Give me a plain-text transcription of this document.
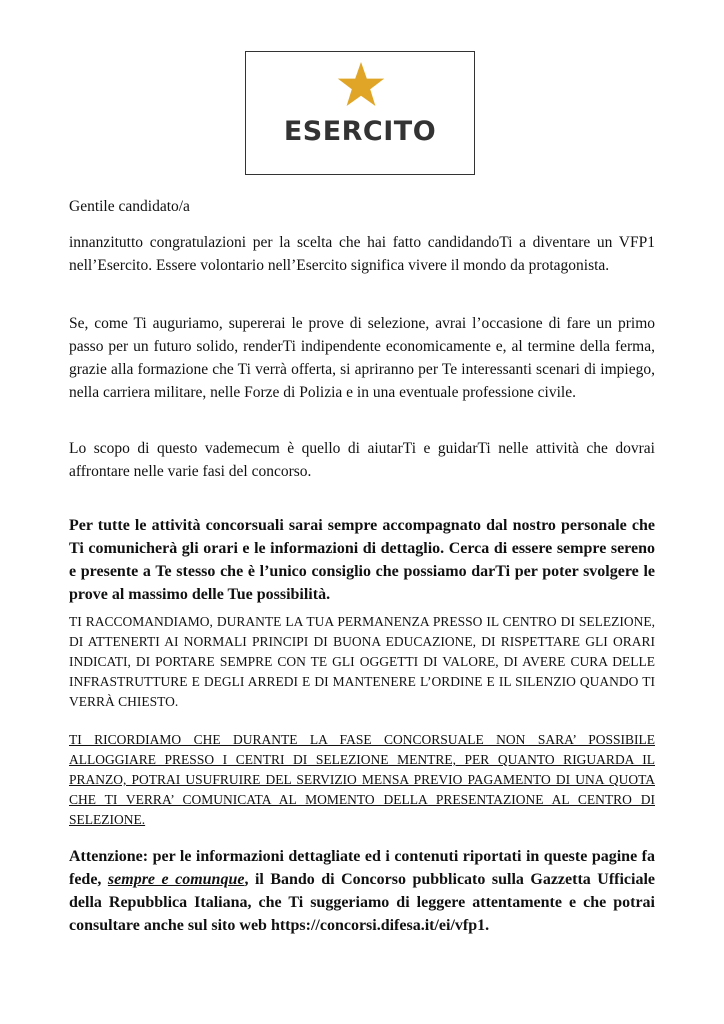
ESERCITO
Gentile candidato/a
innanzitutto congratulazioni per la scelta che hai fatto candidandoTi a diventare un VFP1 nell’Esercito. Essere volontario nell’Esercito significa vivere il mondo da protagonista.
Se, come Ti auguriamo, supererai le prove di selezione, avrai l’occasione di fare un primo passo per un futuro solido, renderTi indipendente economicamente e, al termine della ferma, grazie alla formazione che Ti verrà offerta, si apriranno per Te interessanti scenari di impiego, nella carriera militare, nelle Forze di Polizia e in una eventuale professione civile.
Lo scopo di questo vademecum è quello di aiutarTi e guidarTi nelle attività che dovrai affrontare nelle varie fasi del concorso.
Per tutte le attività concorsuali sarai sempre accompagnato dal nostro personale che Ti comunicherà gli orari e le informazioni di dettaglio. Cerca di essere sempre sereno e presente a Te stesso che è l’unico consiglio che possiamo darTi per poter svolgere le prove al massimo delle Tue possibilità.
TI RACCOMANDIAMO, DURANTE LA TUA PERMANENZA PRESSO IL CENTRO DI SELEZIONE, DI ATTENERTI AI NORMALI PRINCIPI DI BUONA EDUCAZIONE, DI RISPETTARE GLI ORARI INDICATI, DI PORTARE SEMPRE CON TE GLI OGGETTI DI VALORE, DI AVERE CURA DELLE INFRASTRUTTURE E DEGLI ARREDI E DI MANTENERE L’ORDINE E IL SILENZIO QUANDO TI VERRÀ CHIESTO.
TI RICORDIAMO CHE DURANTE LA FASE CONCORSUALE NON SARA’ POSSIBILE ALLOGGIARE PRESSO I CENTRI DI SELEZIONE MENTRE, PER QUANTO RIGUARDA IL PRANZO, POTRAI USUFRUIRE DEL SERVIZIO MENSA PREVIO PAGAMENTO DI UNA QUOTA CHE TI VERRA’ COMUNICATA AL MOMENTO DELLA PRESENTAZIONE AL CENTRO DI SELEZIONE.
Attenzione: per le informazioni dettagliate ed i contenuti riportati in queste pagine fa fede, sempre e comunque, il Bando di Concorso pubblicato sulla Gazzetta Ufficiale della Repubblica Italiana, che Ti suggeriamo di leggere attentamente e che potrai consultare anche sul sito web https://concorsi.difesa.it/ei/vfp1.
